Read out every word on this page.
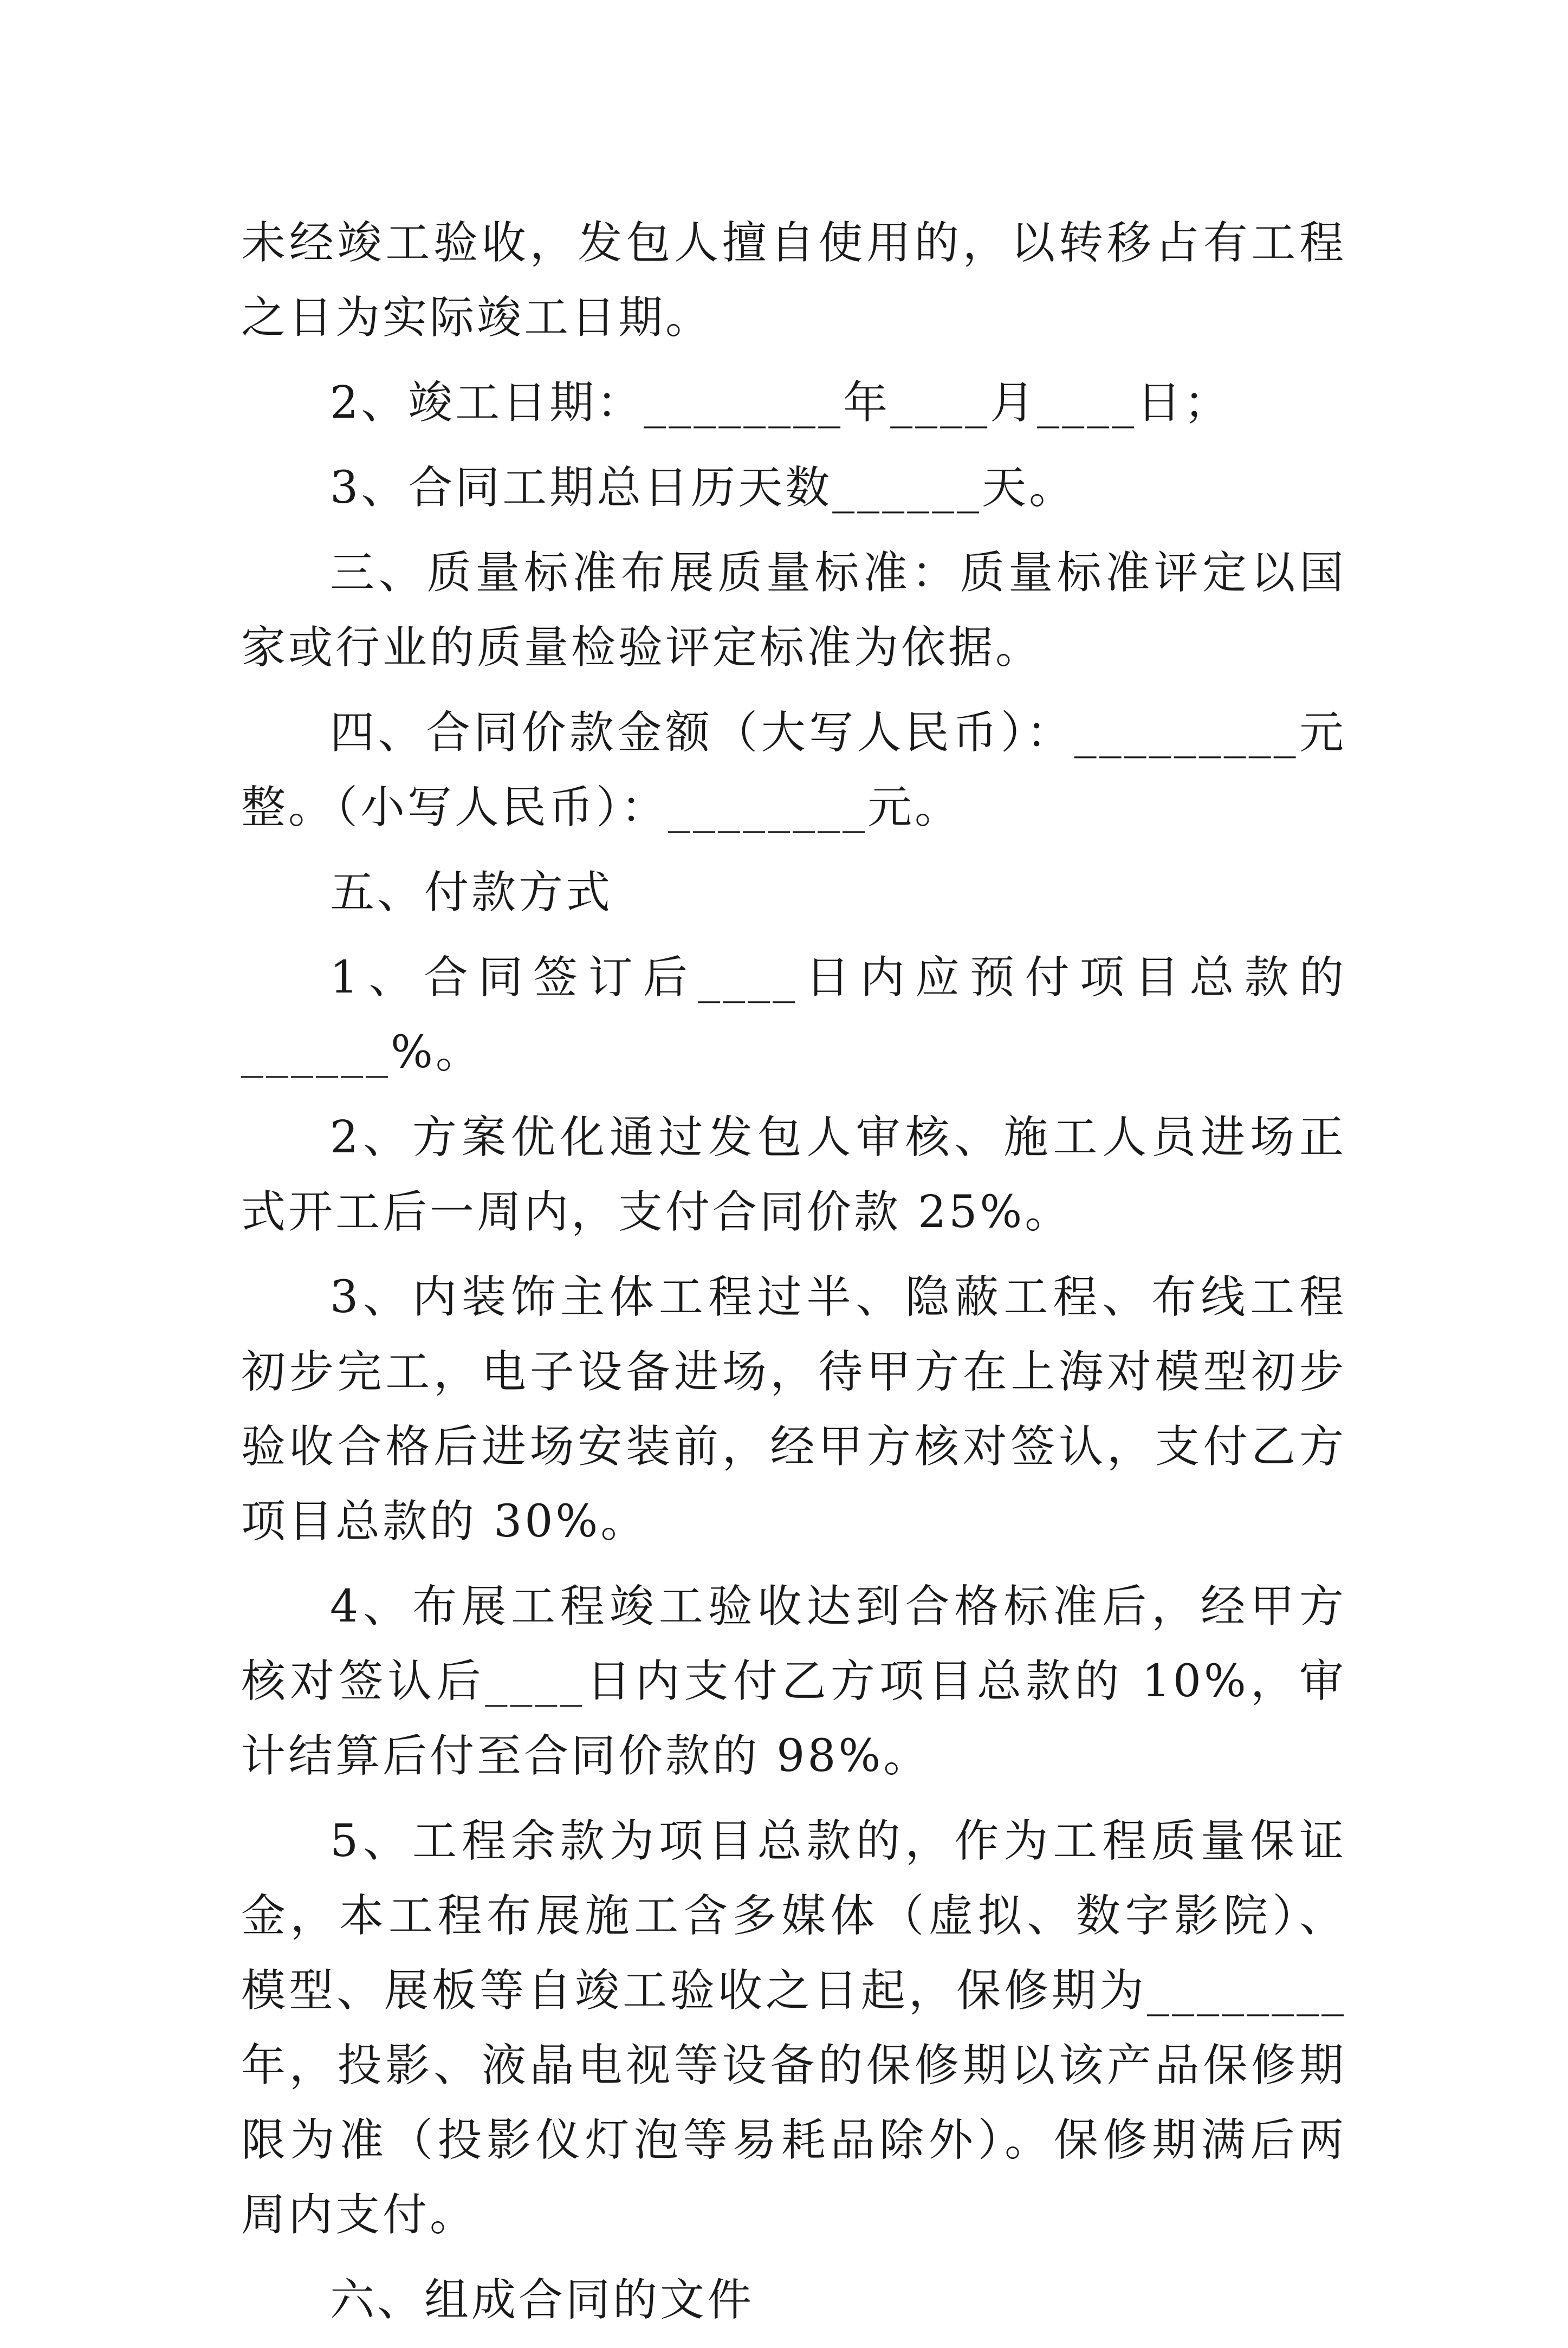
未经竣工验收，发包人擅自使用的，以转移占有工程之日为实际竣工日期。

2、竣工日期：________年____月____日；

3、合同工期总日历天数______天。

三、质量标准布展质量标准：质量标准评定以国家或行业的质量检验评定标准为依据。

四、合同价款金额（大写人民币）：_________元整。（小写人民币）：________元。

五、付款方式

1、合同签订后____日内应预付项目总款的______%。

2、方案优化通过发包人审核、施工人员进场正式开工后一周内，支付合同价款 25%。

3、内装饰主体工程过半、隐蔽工程、布线工程初步完工，电子设备进场，待甲方在上海对模型初步验收合格后进场安装前，经甲方核对签认，支付乙方项目总款的 30%。

4、布展工程竣工验收达到合格标准后，经甲方核对签认后____日内支付乙方项目总款的 10%，审计结算后付至合同价款的 98%。

5、工程余款为项目总款的，作为工程质量保证金，本工程布展施工含多媒体（虚拟、数字影院）、模型、展板等自竣工验收之日起，保修期为________年，投影、液晶电视等设备的保修期以该产品保修期限为准（投影仪灯泡等易耗品除外）。保修期满后两周内支付。

六、组成合同的文件
